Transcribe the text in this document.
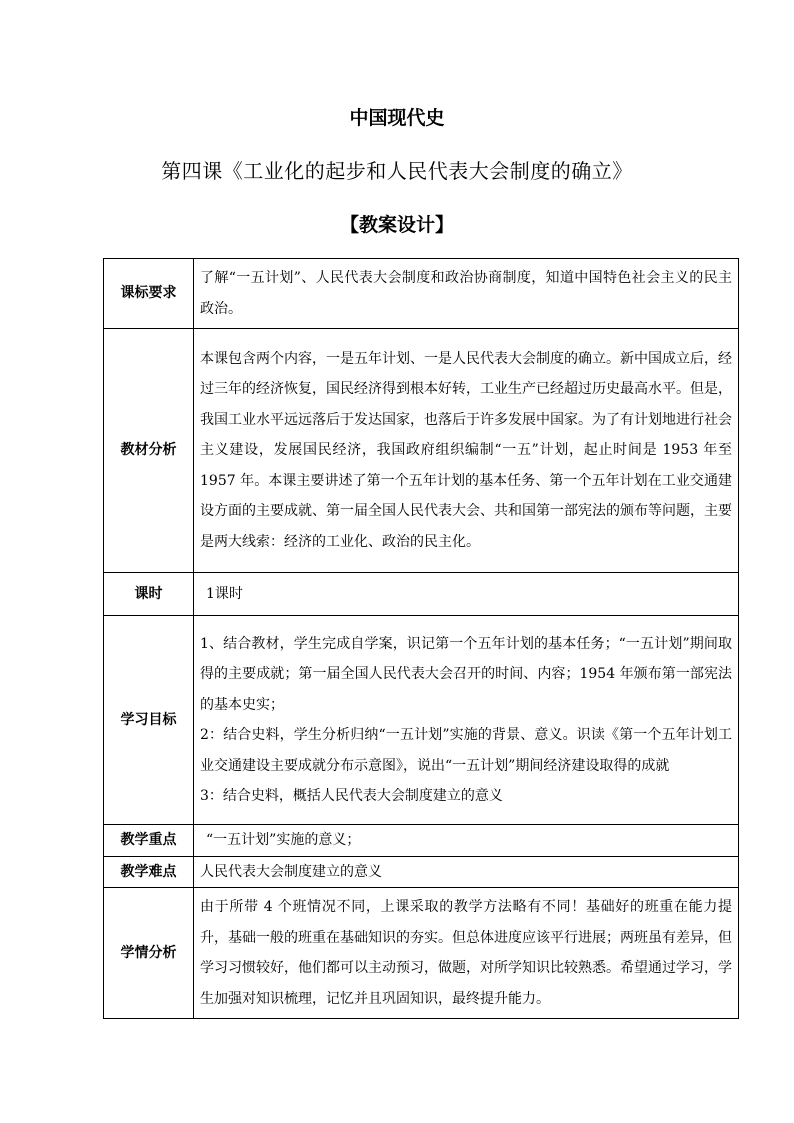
中国现代史
第四课《工业化的起步和人民代表大会制度的确立》
【教案设计】
课标要求	了解“一五计划”、人民代表大会制度和政治协商制度，知道中国特色社会主义的民主政治。

教材分析	本课包含两个内容，一是五年计划、一是人民代表大会制度的确立。新中国成立后，经过三年的经济恢复，国民经济得到根本好转，工业生产已经超过历史最高水平。但是，我国工业水平远远落后于发达国家，也落后于许多发展中国家。为了有计划地进行社会主义建设，发展国民经济，我国政府组织编制“一五”计划，起止时间是 1953 年至 1957 年。本课主要讲述了第一个五年计划的基本任务、第一个五年计划在工业交通建设方面的主要成就、第一届全国人民代表大会、共和国第一部宪法的颁布等问题，主要是两大线索：经济的工业化、政治的民主化。

课时	1课时

学习目标	1、结合教材，学生完成自学案，识记第一个五年计划的基本任务；“一五计划”期间取得的主要成就；第一届全国人民代表大会召开的时间、内容；1954 年颁布第一部宪法的基本史实；

2：结合史料，学生分析归纳“一五计划”实施的背景、意义。识读《第一个五年计划工业交通建设主要成就分布示意图》，说出“一五计划”期间经济建设取得的成就

3：结合史料，概括人民代表大会制度建立的意义

教学重点	“一五计划”实施的意义；

教学难点	人民代表大会制度建立的意义

学情分析	由于所带 4 个班情况不同，上课采取的教学方法略有不同！基础好的班重在能力提升，基础一般的班重在基础知识的夯实。但总体进度应该平行进展；两班虽有差异，但学习习惯较好，他们都可以主动预习，做题，对所学知识比较熟悉。希望通过学习，学生加强对知识梳理，记忆并且巩固知识，最终提升能力。
